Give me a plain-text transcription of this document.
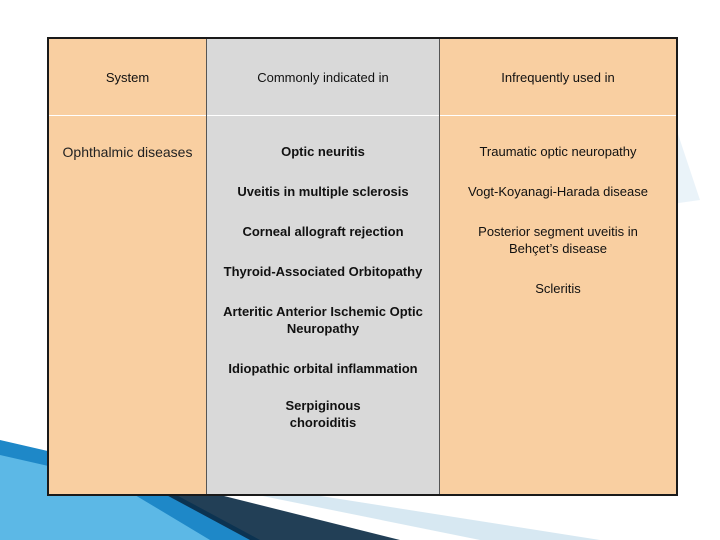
System
Ophthalmic diseases
Commonly indicated in
Optic neuritis
Uveitis in multiple sclerosis
Corneal allograft rejection
Thyroid-Associated Orbitopathy
Arteritic Anterior Ischemic Optic Neuropathy
Idiopathic orbital inflammation
Serpiginous choroiditis
Infrequently used in
Traumatic optic neuropathy
Vogt-Koyanagi-Harada disease
Posterior segment uveitis in Behçet’s disease
Scleritis
